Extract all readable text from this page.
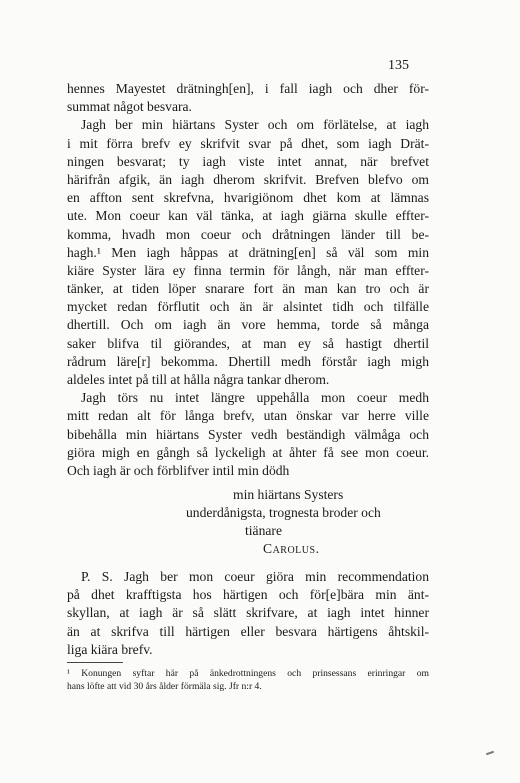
135
hennes Mayestet drätningh[en], i fall iagh och dher för-
summat något besvara.
Jagh ber min hiärtans Syster och om förlätelse, at iagh
i mit förra brefv ey skrifvit svar på dhet, som iagh Drät-
ningen besvarat; ty iagh viste intet annat, när brefvet
härifrån afgik, än iagh dherom skrifvit. Brefven blefvo om
en affton sent skrefvna, hvarigiönom dhet kom at lämnas
ute. Mon coeur kan väl tänka, at iagh giärna skulle effter-
komma, hvadh mon coeur och dråtningen länder till be-
hagh.¹ Men iagh håppas at drätning[en] så väl som min
kiäre Syster lära ey finna termin för långh, när man effter-
tänker, at tiden löper snarare fort än man kan tro och är
mycket redan förflutit och än är alsintet tidh och tilfälle
dhertill. Och om iagh än vore hemma, torde så många
saker blifva til giörandes, at man ey så hastigt dhertil
rådrum läre[r] bekomma. Dhertill medh förstår iagh migh
aldeles intet på till at hålla några tankar dherom.
Jagh törs nu intet längre uppehålla mon coeur medh
mitt redan alt för långa brefv, utan önskar var herre ville
bibehålla min hiärtans Syster vedh beständigh välmåga och
giöra migh en gångh så lyckeligh at åhter få see mon coeur.
Och iagh är och förblifver intil min dödh
min hiärtans Systers
underdånigsta, trognesta broder och
tiänare
Carolus.
P. S. Jagh ber mon coeur giöra min recommendation
på dhet krafftigsta hos härtigen och för[e]bära min änt-
skyllan, at iagh är så slätt skrifvare, at iagh intet hinner
än at skrifva till härtigen eller besvara härtigens åhtskil-
liga kiära brefv.
¹ Konungen syftar här på änkedrottningens och prinsessans erinringar om
hans löfte att vid 30 års ålder förmäla sig. Jfr n:r 4.
